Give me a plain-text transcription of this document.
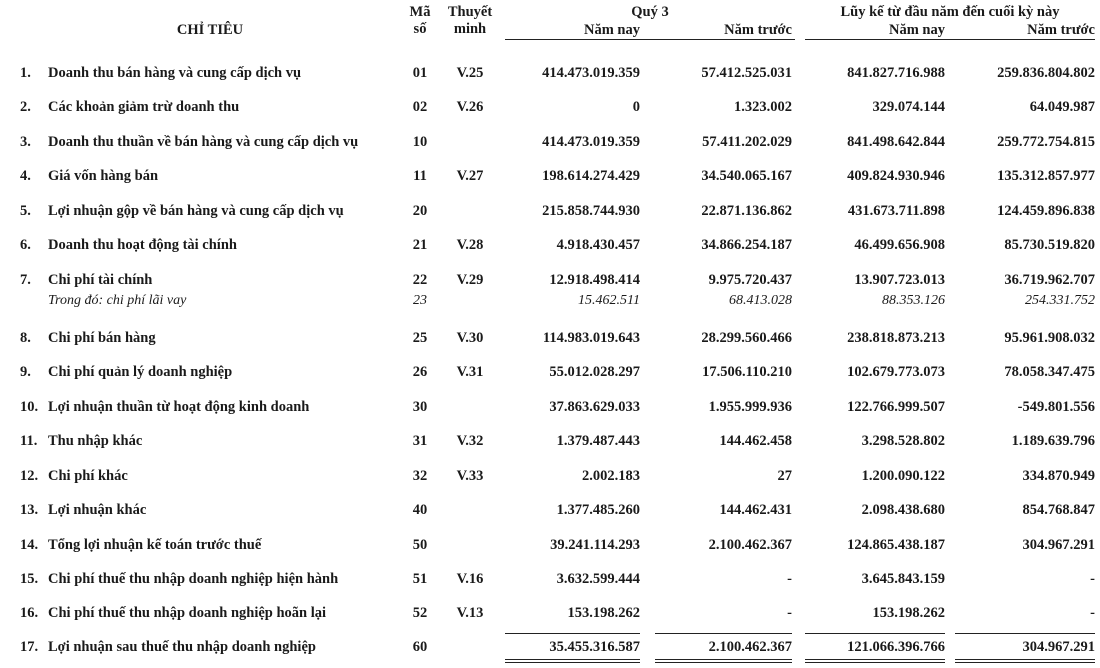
CHỈ TIÊU
Mã
số
Thuyết
minh
Quý 3	Lũy kế từ đầu năm đến cuối kỳ này
Năm nay	Năm trước	Năm nay	Năm trước
1.	Doanh thu bán hàng và cung cấp dịch vụ	01	V.25	414.473.019.359	57.412.525.031	841.827.716.988	259.836.804.802
2.	Các khoản giảm trừ doanh thu	02	V.26	0	1.323.002	329.074.144	64.049.987
3.	Doanh thu thuần về bán hàng và cung cấp dịch vụ	10	414.473.019.359	57.411.202.029	841.498.642.844	259.772.754.815
4.	Giá vốn hàng bán	11	V.27	198.614.274.429	34.540.065.167	409.824.930.946	135.312.857.977
5.	Lợi nhuận gộp về bán hàng và cung cấp dịch vụ	20	215.858.744.930	22.871.136.862	431.673.711.898	124.459.896.838
6.	Doanh thu hoạt động tài chính	21	V.28	4.918.430.457	34.866.254.187	46.499.656.908	85.730.519.820
7.	Chi phí tài chính	22	V.29	12.918.498.414	9.975.720.437	13.907.723.013	36.719.962.707
Trong đó: chi phí lãi vay	23	15.462.511	68.413.028	88.353.126	254.331.752
8.	Chi phí bán hàng	25	V.30	114.983.019.643	28.299.560.466	238.818.873.213	95.961.908.032
9.	Chi phí quản lý doanh nghiệp	26	V.31	55.012.028.297	17.506.110.210	102.679.773.073	78.058.347.475
10. Lợi nhuận thuần từ hoạt động kinh doanh	30	37.863.629.033	1.955.999.936	122.766.999.507	-549.801.556
11. Thu nhập khác	31	V.32	1.379.487.443	144.462.458	3.298.528.802	1.189.639.796
12. Chi phí khác	32	V.33	2.002.183	27	1.200.090.122	334.870.949
13. Lợi nhuận khác	40	1.377.485.260	144.462.431	2.098.438.680	854.768.847
14. Tổng lợi nhuận kế toán trước thuế	50	39.241.114.293	2.100.462.367	124.865.438.187	304.967.291
15. Chi phí thuế thu nhập doanh nghiệp hiện hành	51	V.16	3.632.599.444	-	3.645.843.159	-
16. Chi phí thuế thu nhập doanh nghiệp hoãn lại	52	V.13	153.198.262	-	153.198.262	-
17. Lợi nhuận sau thuế thu nhập doanh nghiệp	60	35.455.316.587	2.100.462.367	121.066.396.766	304.967.291
